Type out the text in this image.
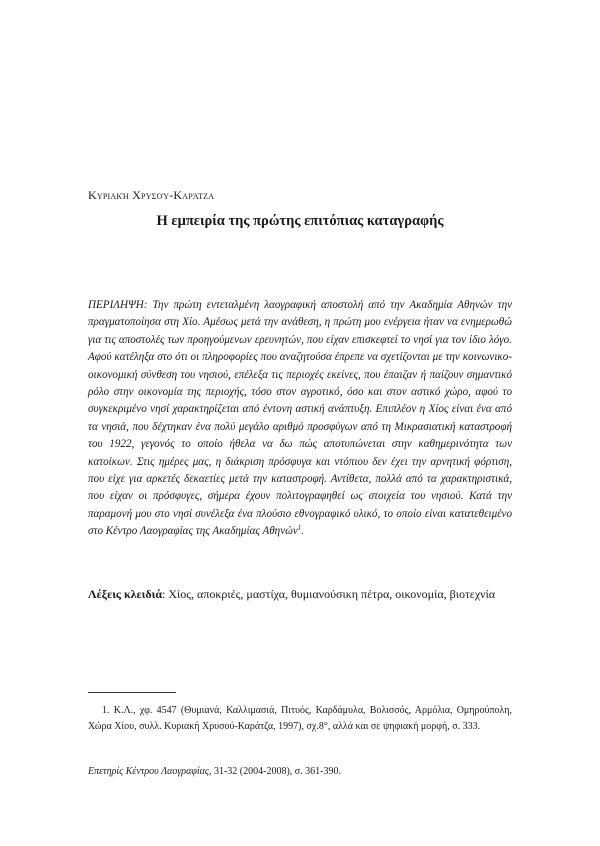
Κυριακή Χρυσού-Καράτζα
Η εμπειρία της πρώτης επιτόπιας καταγραφής
ΠΕΡΙΛΗΨΗ: Την πρώτη εντεταλμένη λαογραφική αποστολή από την Ακαδημία Αθηνών την πραγματοποίησα στη Χίο. Αμέσως μετά την ανάθεση, η πρώτη μου ενέργεια ήταν να ενημερωθώ για τις αποστολές των προηγούμενων ερευνητών, που είχαν επισκεφτεί το νησί για τον ίδιο λόγο. Αφού κατέληξα στο ότι οι πληροφορίες που αναζητούσα έπρεπε να σχετίζονται με την κοινωνικο-οικονομική σύνθεση του νησιού, επέλεξα τις περιοχές εκείνες, που έπαιζαν ή παίζουν σημαντικό ρόλο στην οικονομία της περιοχής, τόσο στον αγροτικό, όσο και στον αστικό χώρο, αφού το συγκεκριμένο νησί χαρακτηρίζεται από έντονη αστική ανάπτυξη. Επιπλέον η Χίος είναι ένα από τα νησιά, που δέχτηκαν ένα πολύ μεγάλο αριθμό προσφύγων από τη Μικρασιατική καταστροφή του 1922, γεγονός το οποίο ήθελα να δω πώς αποτυπώνεται στην καθημερινότητα των κατοίκων. Στις ημέρες μας, η διάκριση πρόσφυγα και ντόπιου δεν έχει την αρνητική φόρτιση, που είχε για αρκετές δεκαετίες μετά την καταστροφή. Αντίθετα, πολλά από τα χαρακτηριστικά, που είχαν οι πρόσφυγες, σήμερα έχουν πολιτογραφηθεί ως στοιχεία του νησιού. Κατά την παραμονή μου στο νησί συνέλεξα ένα πλούσιο εθνογραφικό υλικό, το οποίο είναι κατατεθειμένο στο Κέντρο Λαογραφίας της Ακαδημίας Αθηνών$^1$.
Λέξεις κλειδιά: Χίος, αποκριές, μαστίχα, θυμιανούσικη πέτρα, οικονομία, βιοτεχνία
1. Κ.Λ., χφ. 4547 (Θυμιανά, Καλλιμασιά, Πιτυός, Καρδάμυλα, Βολισσός, Αρμόλια, Ομηρούπολη, Χώρα Χίου, συλλ. Κυριακή Χρυσού-Καράτζα, 1997), σχ.8°, αλλά και σε ψηφιακή μορφή, σ. 333.
Επετηρίς Κέντρου Λαογραφίας, 31-32 (2004-2008), σ. 361-390.
